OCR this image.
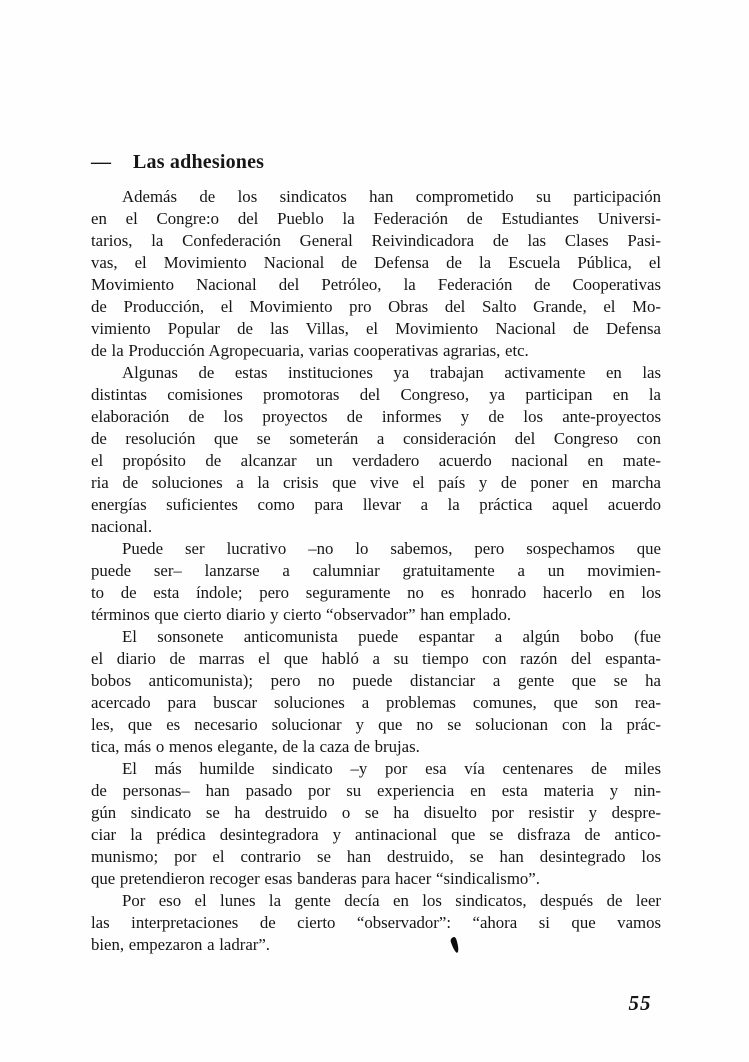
—	Las adhesiones

Además de los sindicatos han comprometido su participación
en el Congre:o del Pueblo la Federación de Estudiantes Universi-
tarios, la Confederación General Reivindicadora de las Clases Pasi-
vas, el Movimiento Nacional de Defensa de la Escuela Pública, el
Movimiento Nacional del Petróleo, la Federación de Cooperativas
de Producción, el Movimiento pro Obras del Salto Grande, el Mo-
vimiento Popular de las Villas, el Movimiento Nacional de Defensa
de la Producción Agropecuaria, varias cooperativas agrarias, etc.

Algunas de estas instituciones ya trabajan activamente en las
distintas comisiones promotoras del Congreso, ya participan en la
elaboración de los proyectos de informes y de los ante-proyectos
de resolución que se someterán a consideración del Congreso con
el propósito de alcanzar un verdadero acuerdo nacional en mate-
ria de soluciones a la crisis que vive el país y de poner en marcha
energías suficientes como para llevar a la práctica aquel acuerdo
nacional.

Puede ser lucrativo –no lo sabemos, pero sospechamos que
puede ser– lanzarse a calumniar gratuitamente a un movimien-
to de esta índole; pero seguramente no es honrado hacerlo en los
términos que cierto diario y cierto “observador” han emplado.

El sonsonete anticomunista puede espantar a algún bobo (fue
el diario de marras el que habló a su tiempo con razón del espanta-
bobos anticomunista); pero no puede distanciar a gente que se ha
acercado para buscar soluciones a problemas comunes, que son rea-
les, que es necesario solucionar y que no se solucionan con la prác-
tica, más o menos elegante, de la caza de brujas.

El más humilde sindicato –y por esa vía centenares de miles
de personas– han pasado por su experiencia en esta materia y nin-
gún sindicato se ha destruido o se ha disuelto por resistir y despre-
ciar la prédica desintegradora y antinacional que se disfraza de antico-
munismo; por el contrario se han destruido, se han desintegrado los
que pretendieron recoger esas banderas para hacer “sindicalismo”.

Por eso el lunes la gente decía en los sindicatos, después de leer
las interpretaciones de cierto “observador”: “ahora si que vamos
bien, empezaron a ladrar”.

55
